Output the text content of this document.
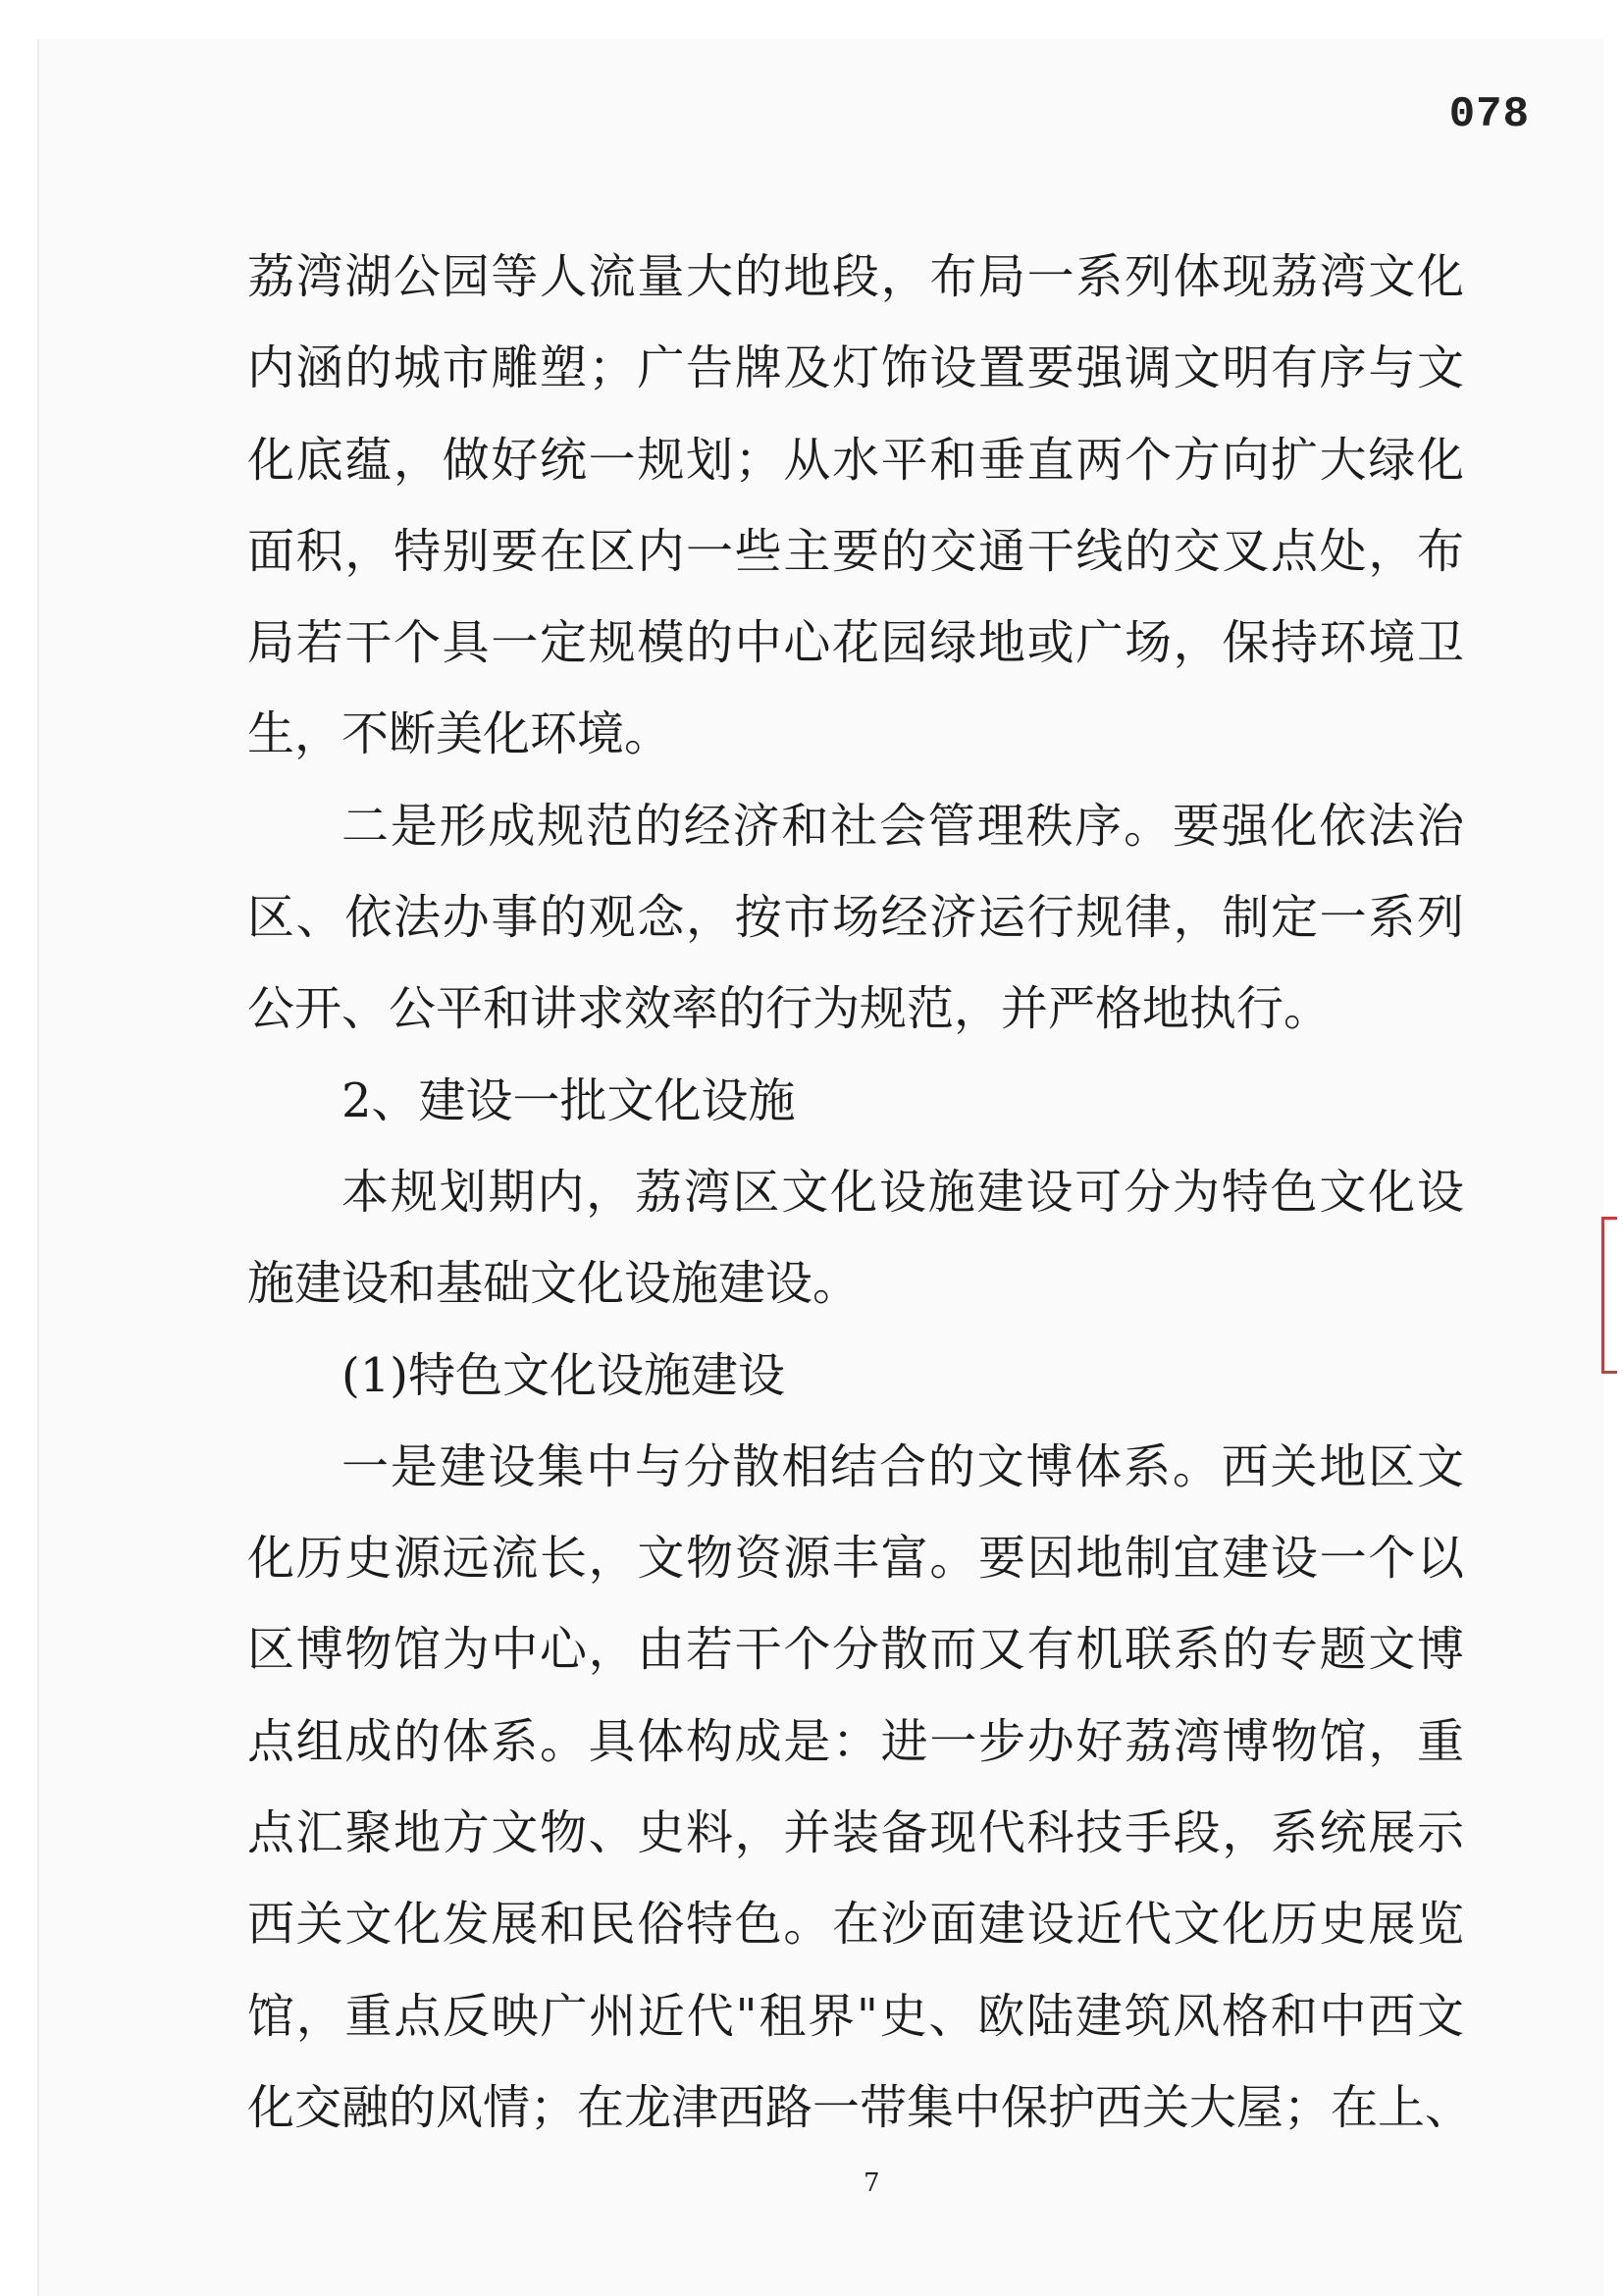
078

荔湾湖公园等人流量大的地段，布局一系列体现荔湾文化

内涵的城市雕塑；广告牌及灯饰设置要强调文明有序与文

化底蕴，做好统一规划；从水平和垂直两个方向扩大绿化

面积，特别要在区内一些主要的交通干线的交叉点处，布

局若干个具一定规模的中心花园绿地或广场，保持环境卫

生，不断美化环境。

二是形成规范的经济和社会管理秩序。要强化依法治

区、依法办事的观念，按市场经济运行规律，制定一系列

公开、公平和讲求效率的行为规范，并严格地执行。

2、建设一批文化设施

本规划期内，荔湾区文化设施建设可分为特色文化设

施建设和基础文化设施建设。

(1)特色文化设施建设

一是建设集中与分散相结合的文博体系。西关地区文

化历史源远流长，文物资源丰富。要因地制宜建设一个以

区博物馆为中心，由若干个分散而又有机联系的专题文博

点组成的体系。具体构成是：进一步办好荔湾博物馆，重

点汇聚地方文物、史料，并装备现代科技手段，系统展示

西关文化发展和民俗特色。在沙面建设近代文化历史展览

馆，重点反映广州近代"租界"史、欧陆建筑风格和中西文

化交融的风情；在龙津西路一带集中保护西关大屋；在上、

7
